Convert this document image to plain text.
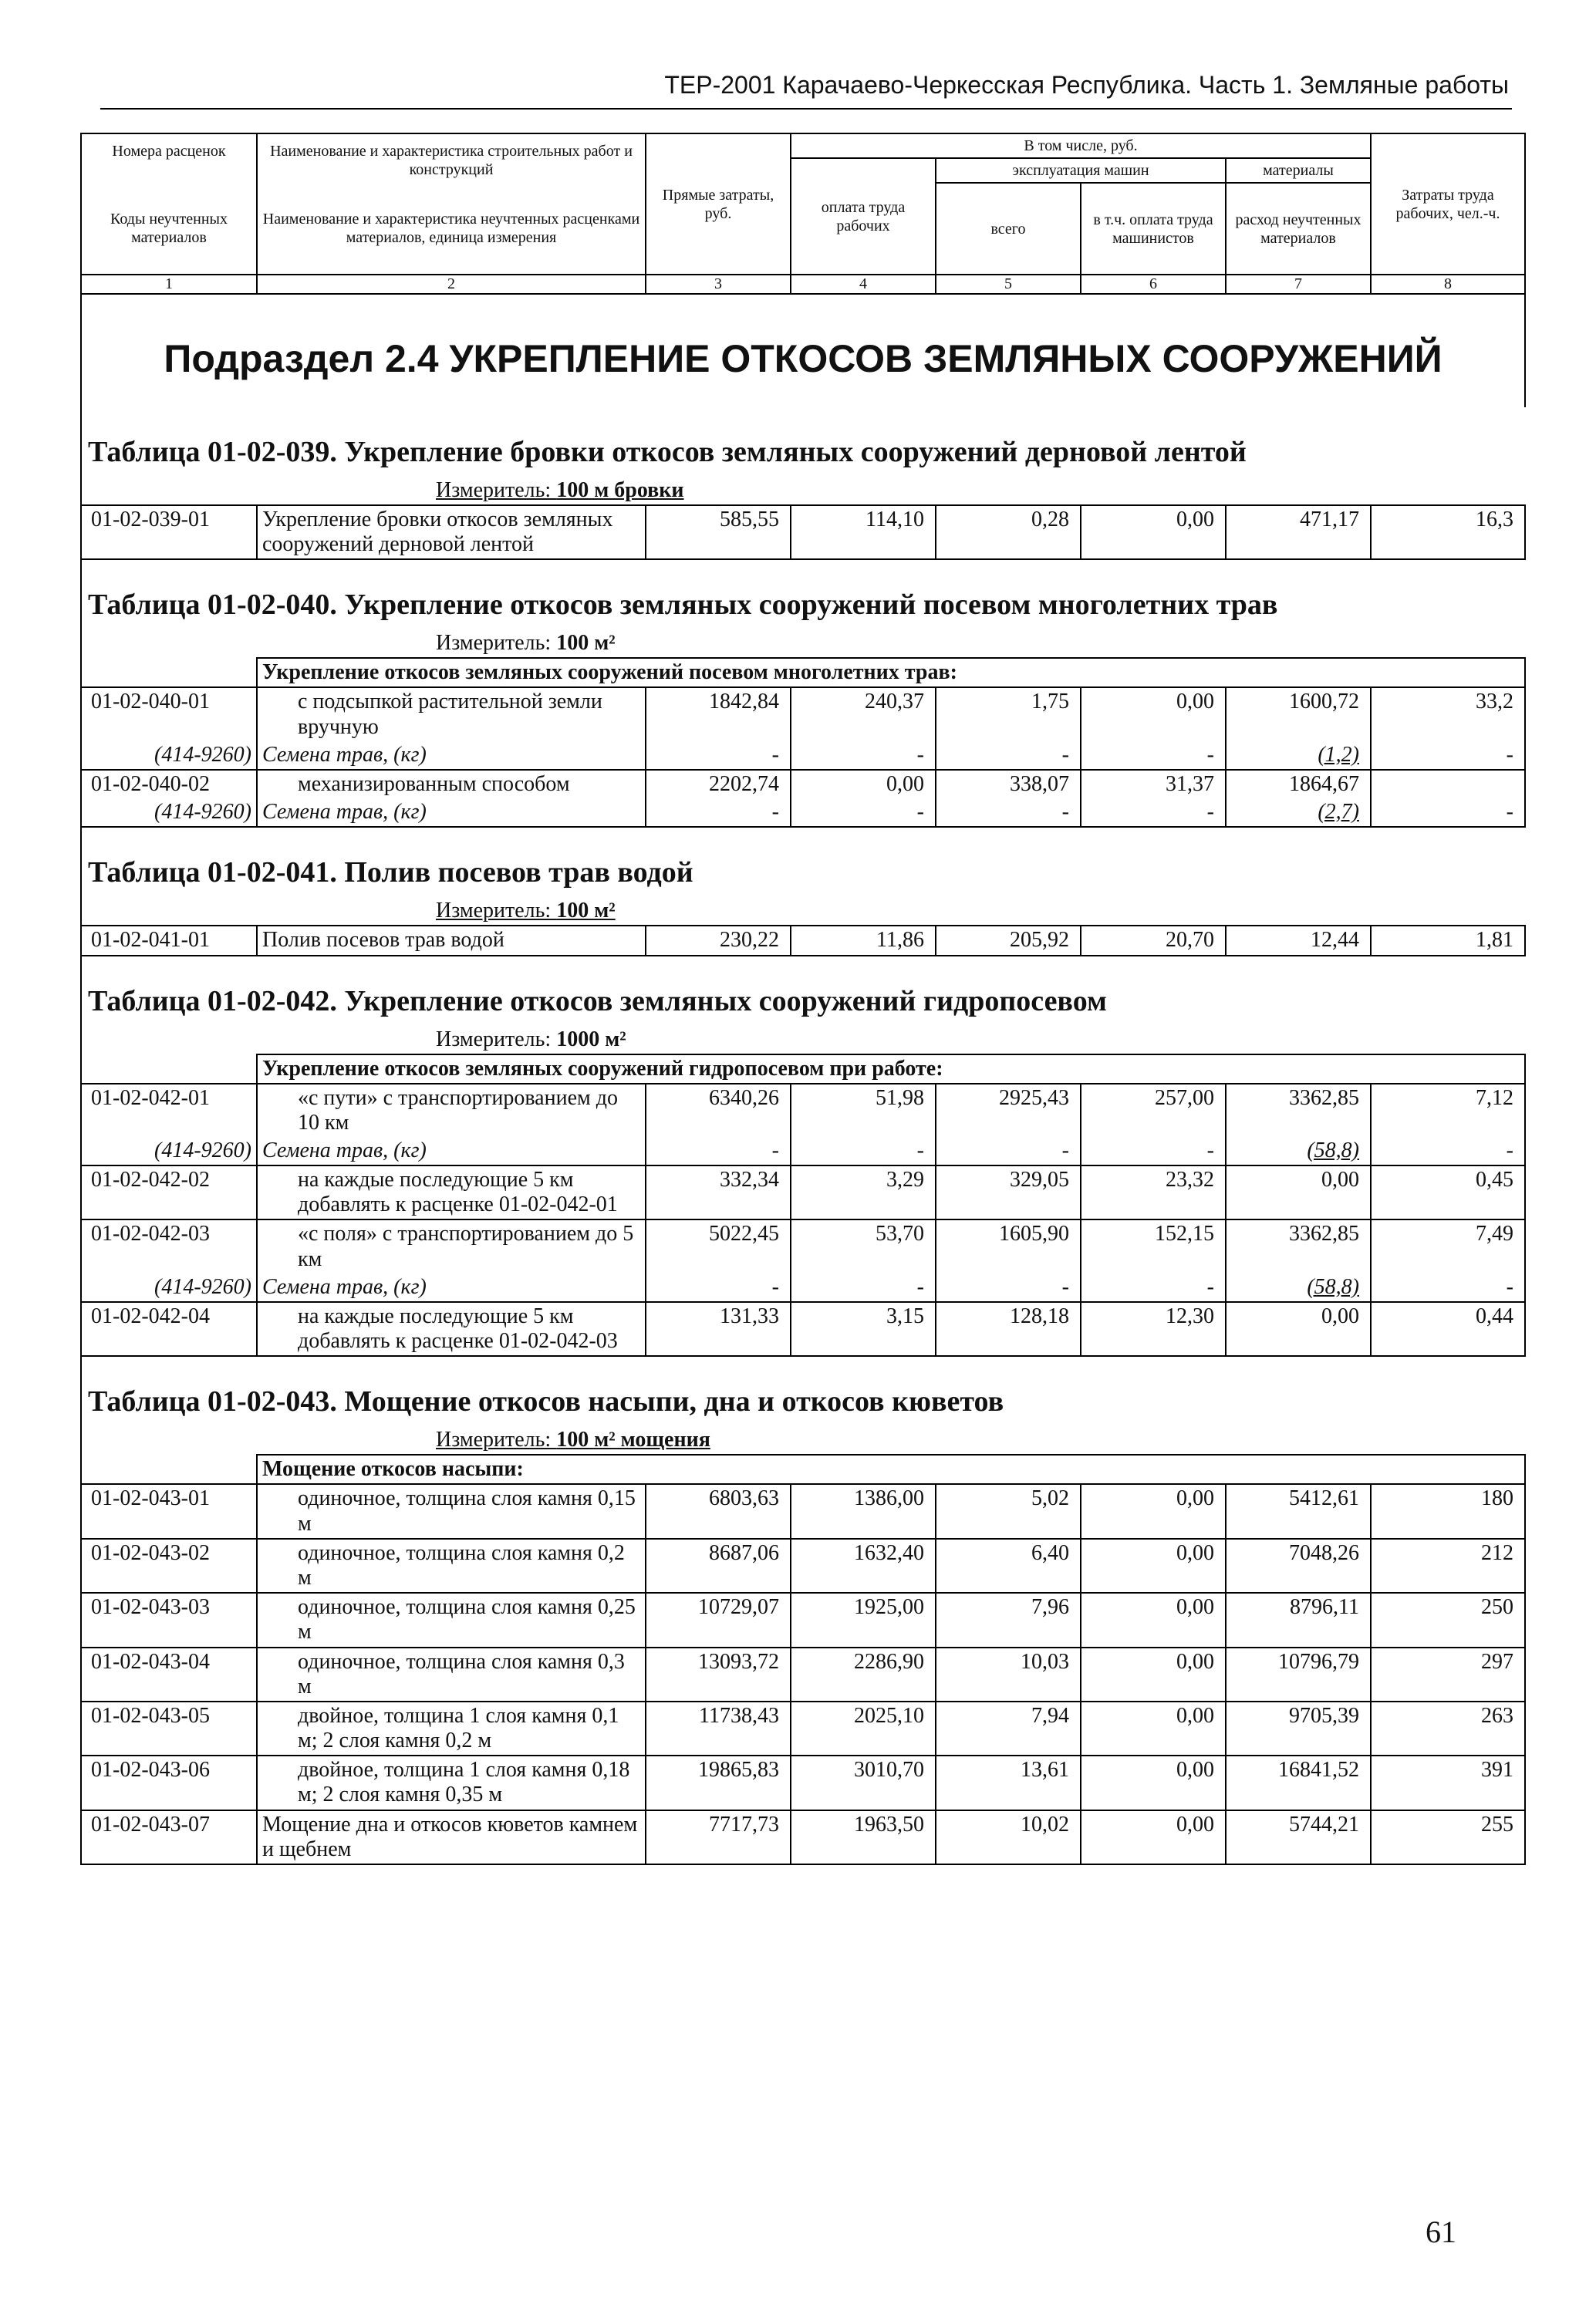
ТЕР-2001 Карачаево-Черкесская Республика. Часть 1. Земляные работы
Номера расценок	Наименование и характеристика строительных работ и конструкций	Прямые затраты, руб.	В том числе, руб.				Затраты труда рабочих, чел.-ч.
			оплата труда рабочих	эксплуатация машин		материалы	
Коды неучтенных материалов	Наименование и характеристика неучтенных расценками материалов, единица измерения			всего	в т.ч. оплата труда машинистов	расход неучтенных материалов	
1	2	3	4	5	6	7	8
Подраздел 2.4 УКРЕПЛЕНИЕ ОТКОСОВ ЗЕМЛЯНЫХ СООРУЖЕНИЙ							
Таблица 01-02-039. Укрепление бровки откосов земляных сооружений дерновой лентой							
	Измеритель: 100 м бровки						
01-02-039-01	Укрепление бровки откосов земляных сооружений дерновой лентой	585,55	114,10	0,28	0,00	471,17	16,3
Таблица 01-02-040. Укрепление откосов земляных сооружений посевом многолетних трав							
	Измеритель: 100 м²						
	Укрепление откосов земляных сооружений посевом многолетних трав:						
01-02-040-01	с подсыпкой растительной земли вручную	1842,84	240,37	1,75	0,00	1600,72	33,2
(414-9260)	Семена трав, (кг)	-	-	-	-	(1,2)	-
01-02-040-02	механизированным способом	2202,74	0,00	338,07	31,37	1864,67	
(414-9260)	Семена трав, (кг)	-	-	-	-	(2,7)	-
Таблица 01-02-041. Полив посевов трав водой							
	Измеритель: 100 м²						
01-02-041-01	Полив посевов трав водой	230,22	11,86	205,92	20,70	12,44	1,81
Таблица 01-02-042. Укрепление откосов земляных сооружений гидропосевом							
	Измеритель: 1000 м²						
	Укрепление откосов земляных сооружений гидропосевом при работе:						
01-02-042-01	«с пути» с транспортированием до 10 км	6340,26	51,98	2925,43	257,00	3362,85	7,12
(414-9260)	Семена трав, (кг)	-	-	-	-	(58,8)	-
01-02-042-02	на каждые последующие 5 км добавлять к расценке 01-02-042-01	332,34	3,29	329,05	23,32	0,00	0,45
01-02-042-03	«с поля» с транспортированием до 5 км	5022,45	53,70	1605,90	152,15	3362,85	7,49
(414-9260)	Семена трав, (кг)	-	-	-	-	(58,8)	-
01-02-042-04	на каждые последующие 5 км добавлять к расценке 01-02-042-03	131,33	3,15	128,18	12,30	0,00	0,44
Таблица 01-02-043. Мощение откосов насыпи, дна и откосов кюветов							
	Измеритель: 100 м² мощения						
	Мощение откосов насыпи:						
01-02-043-01	одиночное, толщина слоя камня 0,15 м	6803,63	1386,00	5,02	0,00	5412,61	180
01-02-043-02	одиночное, толщина слоя камня 0,2 м	8687,06	1632,40	6,40	0,00	7048,26	212
01-02-043-03	одиночное, толщина слоя камня 0,25 м	10729,07	1925,00	7,96	0,00	8796,11	250
01-02-043-04	одиночное, толщина слоя камня 0,3 м	13093,72	2286,90	10,03	0,00	10796,79	297
01-02-043-05	двойное, толщина 1 слоя камня 0,1 м; 2 слоя камня 0,2 м	11738,43	2025,10	7,94	0,00	9705,39	263
01-02-043-06	двойное, толщина 1 слоя камня 0,18 м; 2 слоя камня 0,35 м	19865,83	3010,70	13,61	0,00	16841,52	391
01-02-043-07	Мощение дна и откосов кюветов камнем и щебнем	7717,73	1963,50	10,02	0,00	5744,21	255
61
